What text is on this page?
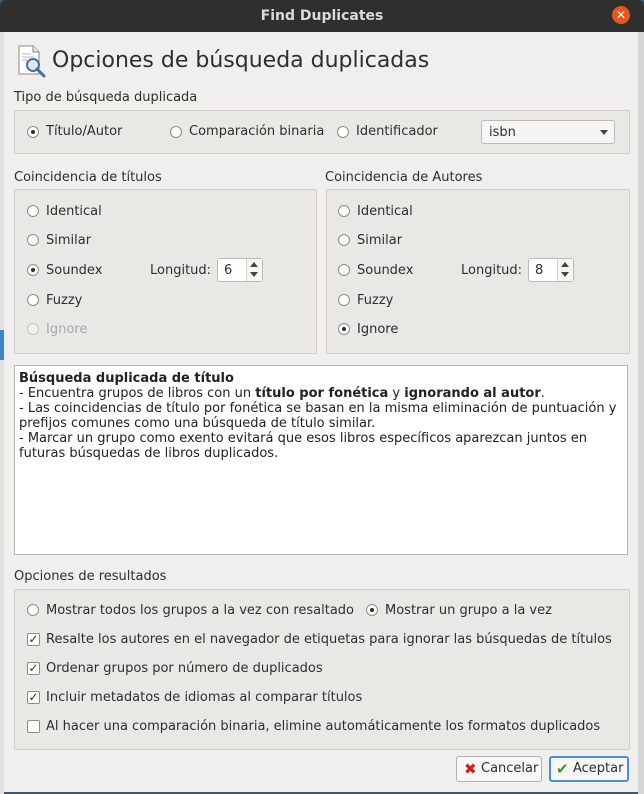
Find Duplicates	✕
Opciones de búsqueda duplicadas
Tipo de búsqueda duplicada
Título/Autor	Comparación binaria Identificador	isbn
Coincidencia de títulos
Identical
Similar
Soundex	Longitud: 6
Fuzzy
Ignore
Coincidencia de Autores
Identical
Similar
Soundex	Longitud: 8
Fuzzy
Ignore

Búsqueda duplicada de título

- Encuentra grupos de libros con un título por fonética y ignorando al autor.

- Las coincidencias de título por fonética se basan en la misma eliminación de puntuación y prefijos comunes como una búsqueda de título similar.

- Marcar un grupo como exento evitará que esos libros específicos aparezcan juntos en futuras búsquedas de libros duplicados.

Opciones de resultados
Mostrar todos los grupos a la vez con resaltado Mostrar un grupo a la vez
✓ Resalte los autores en el navegador de etiquetas para ignorar las búsquedas de títulos
✓ Ordenar grupos por número de duplicados
✓ Incluir metadatos de idiomas al comparar títulos
Al hacer una comparación binaria, elimine automáticamente los formatos duplicados
✖ Cancelar ✔ Aceptar
